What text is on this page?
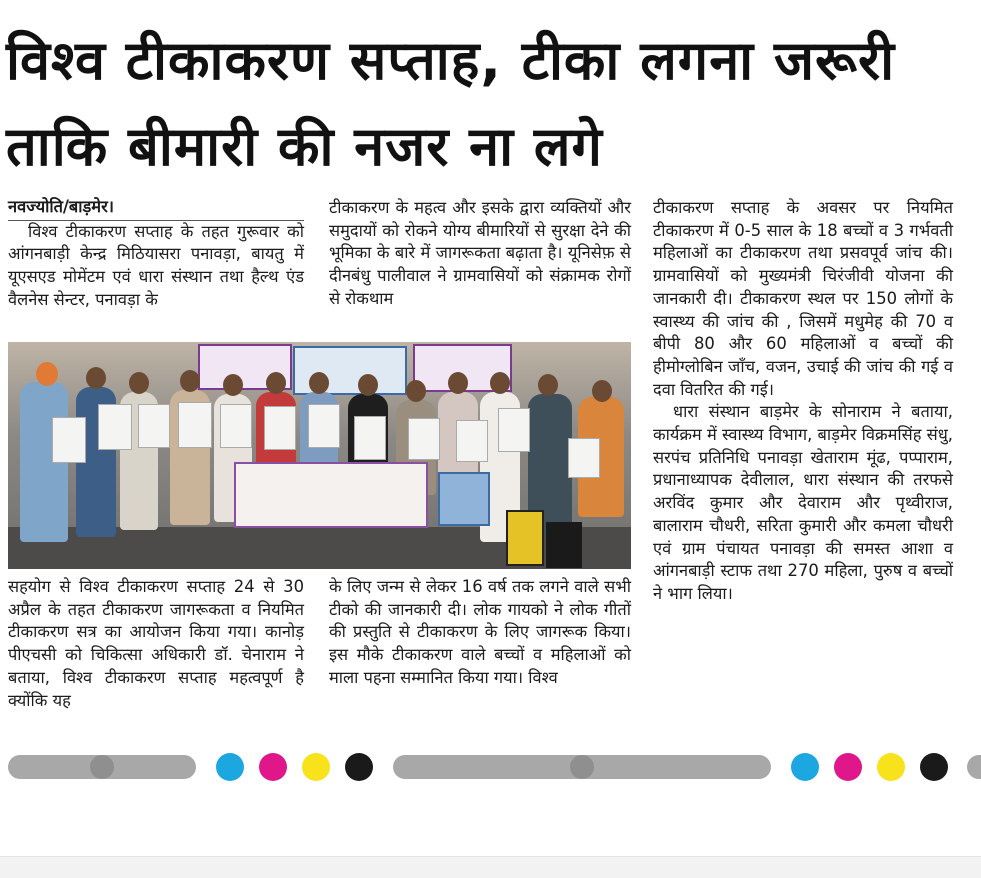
विश्व टीकाकरण सप्ताह, टीका लगना जरूरी
ताकि बीमारी की नजर ना लगे

नवज्योति/बाड़मेर।

विश्व टीकाकरण सप्ताह के तहत गुरूवार को आंगनबाड़ी केन्द्र मिठियासरा पनावड़ा, बायतु में यूएसएड मोमेंटम एवं धारा संस्थान तथा हैल्थ एंड वैलनेस सेन्टर, पनावड़ा के

टीकाकरण के महत्व और इसके द्वारा व्यक्तियों और समुदायों को रोकने योग्य बीमारियों से सुरक्षा देने की भूमिका के बारे में जागरूकता बढ़ाता है। यूनिसेफ़ से दीनबंधु पालीवाल ने ग्रामवासियों को संक्रामक रोगों से रोकथाम

टीकाकरण सप्ताह के अवसर पर नियमित टीकाकरण में 0-5 साल के 18 बच्चों व 3 गर्भवती महिलाओं का टीकाकरण तथा प्रसवपूर्व जांच की। ग्रामवासियों को मुख्यमंत्री चिरंजीवी योजना की जानकारी दी। टीकाकरण स्थल पर 150 लोगों के स्वास्थ्य की जांच की , जिसमें मधुमेह की 70 व बीपी 80 और 60 महिलाओं व बच्चों की हीमोग्लोबिन जाँच, वजन, उचाई की जांच की गई व दवा वितरित की गई।

धारा संस्थान बाड़मेर के सोनाराम ने बताया, कार्यक्रम में स्वास्थ्य विभाग, बाड़मेर विक्रमसिंह संधु, सरपंच प्रतिनिधि पनावड़ा खेताराम मूंढ, पप्पाराम, प्रधानाध्यापक देवीलाल, धारा संस्थान की तरफसे अरविंद कुमार और देवाराम और पृथ्वीराज, बालाराम चौधरी, सरिता कुमारी और कमला चौधरी एवं ग्राम पंचायत पनावड़ा की समस्त आशा व आंगनबाड़ी स्टाफ तथा 270 महिला, पुरुष व बच्चों ने भाग लिया।

सहयोग से विश्व टीकाकरण सप्ताह 24 से 30 अप्रैल के तहत टीकाकरण जागरूकता व नियमित टीकाकरण सत्र का आयोजन किया गया। कानोड़ पीएचसी को चिकित्सा अधिकारी डॉ. चेनाराम ने बताया, विश्व टीकाकरण सप्ताह महत्वपूर्ण है क्योंकि यह

के लिए जन्म से लेकर 16 वर्ष तक लगने वाले सभी टीको की जानकारी दी। लोक गायको ने लोक गीतों की प्रस्तुति से टीकाकरण के लिए जागरूक किया। इस मौके टीकाकरण वाले बच्चों व महिलाओं को माला पहना सम्मानित किया गया। विश्व
